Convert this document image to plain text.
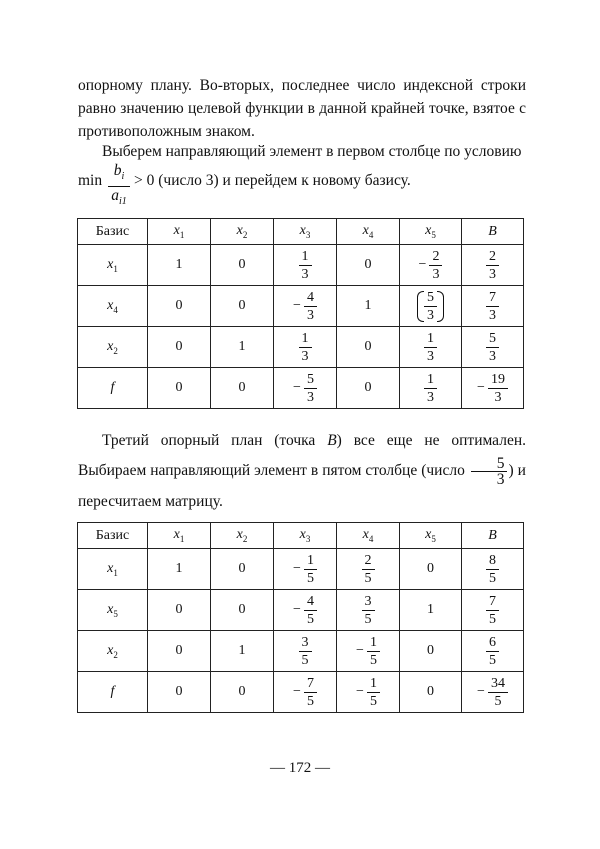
опорному плану. Во-вторых, последнее число индексной строки равно значению целевой функции в данной крайней точке, взятое с противоположным знаком.

Выберем направляющий элемент в первом столбце по условию

$\min \frac{b_i}{a_{i1}} > 0$ (число 3) и перейдем к новому базису.
Базис	$x_1$	$x_2$	$x_3$	$x_4$	$x_5$	B
$x_1$	1	0	$\frac{1}{3}$	0	− $\frac{2}{3}$	$\frac{2}{3}$

$x_4$	0	0	− $\frac{4}{3}$	1	$\frac{5}{3}$	$\frac{7}{3}$

$x_2$	0	1	$\frac{1}{3}$	0	$\frac{1}{3}$	$\frac{5}{3}$

f	0	0	− $\frac{5}{3}$	0	$\frac{1}{3}$	− $\frac{19}{3}$

Третий опорный план (точка B) все еще не оптимален. Выбираем направляющий элемент в пятом столбце (число $\frac{5}{3}$ ) и пересчитаем матрицу.

Базис	$x_1$	$x_2$	$x_3$	$x_4$	$x_5$	B
$x_1$	1	0	− $\frac{1}{5}$	$\frac{2}{5}$	0	$\frac{8}{5}$

$x_5$	0	0	− $\frac{4}{5}$	$\frac{3}{5}$	1	$\frac{7}{5}$

$x_2$	0	1	$\frac{3}{5}$	− $\frac{1}{5}$	0	$\frac{6}{5}$

f	0	0	− $\frac{7}{5}$	− $\frac{1}{5}$	0	− $\frac{34}{5}$
— 172 —
